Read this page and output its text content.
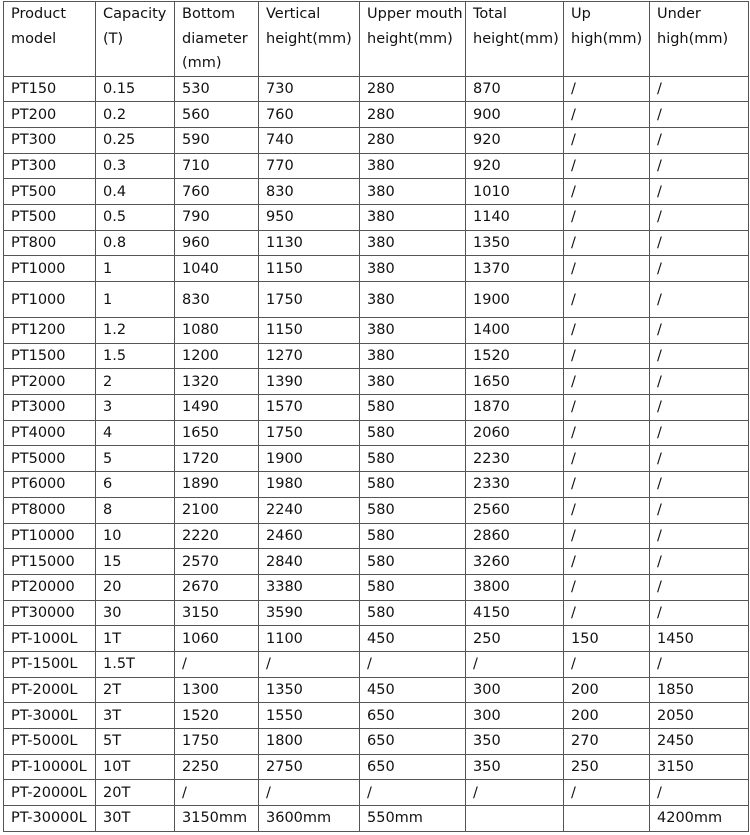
Product model	Capacity (T)	Bottom diameter (mm)	Vertical height(mm)	Upper mouth height(mm)	Total height(mm)	Up high(mm)	Under high(mm)
PT150	0.15	530	730	280	870	/	/
PT200	0.2	560	760	280	900	/	/
PT300	0.25	590	740	280	920	/	/
PT300	0.3	710	770	380	920	/	/
PT500	0.4	760	830	380	1010	/	/
PT500	0.5	790	950	380	1140	/	/
PT800	0.8	960	1130	380	1350	/	/
PT1000	1	1040	1150	380	1370	/	/
PT1000	1	830	1750	380	1900	/	/
PT1200	1.2	1080	1150	380	1400	/	/
PT1500	1.5	1200	1270	380	1520	/	/
PT2000	2	1320	1390	380	1650	/	/
PT3000	3	1490	1570	580	1870	/	/
PT4000	4	1650	1750	580	2060	/	/
PT5000	5	1720	1900	580	2230	/	/
PT6000	6	1890	1980	580	2330	/	/
PT8000	8	2100	2240	580	2560	/	/
PT10000	10	2220	2460	580	2860	/	/
PT15000	15	2570	2840	580	3260	/	/
PT20000	20	2670	3380	580	3800	/	/
PT30000	30	3150	3590	580	4150	/	/
PT-1000L	1T	1060	1100	450	250	150	1450
PT-1500L	1.5T	/	/	/	/	/	/
PT-2000L	2T	1300	1350	450	300	200	1850
PT-3000L	3T	1520	1550	650	300	200	2050
PT-5000L	5T	1750	1800	650	350	270	2450
PT-10000L	10T	2250	2750	650	350	250	3150
PT-20000L	20T	/	/	/	/	/	/
PT-30000L	30T	3150mm	3600mm	550mm			4200mm
